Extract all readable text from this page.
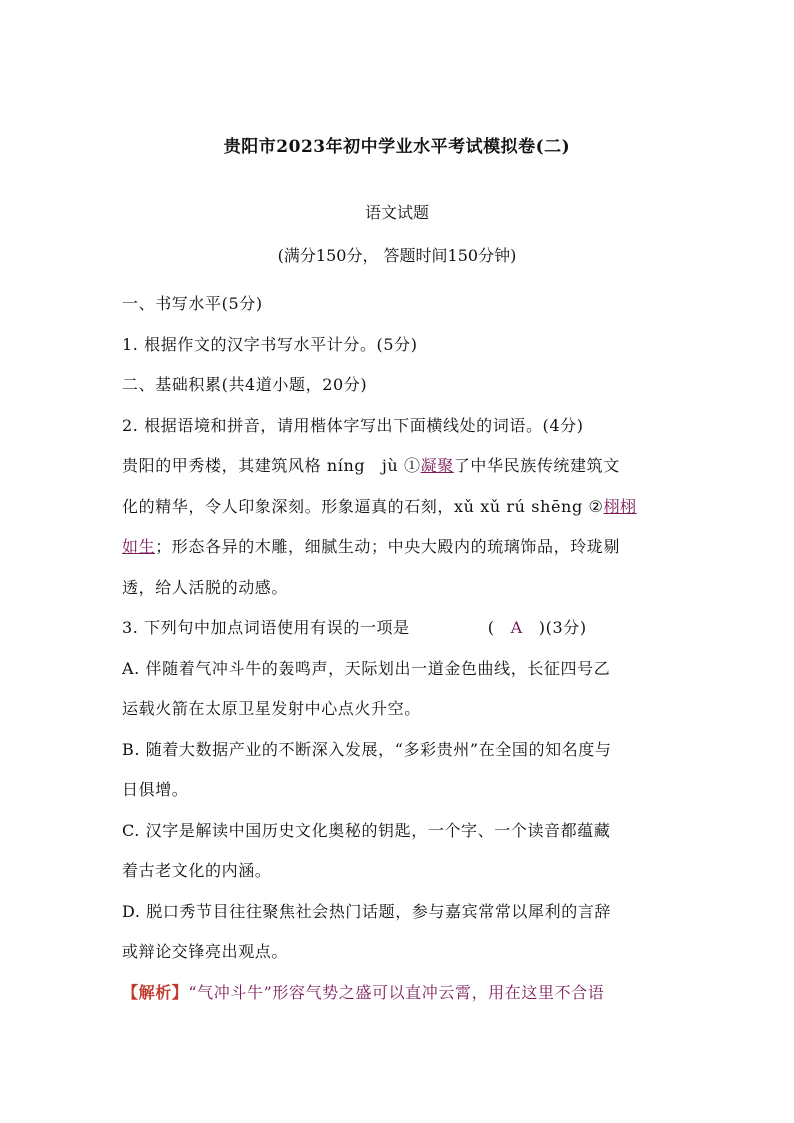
贵阳市2023年初中学业水平考试模拟卷(二)
语文试题
(满分150分， 答题时间150分钟)
一、书写水平(5分)
1. 根据作文的汉字书写水平计分。(5分)
二、基础积累(共4道小题，20分)
2. 根据语境和拼音，请用楷体字写出下面横线处的词语。(4分)
贵阳的甲秀楼，其建筑风格 níng　jù ①凝聚了中华民族传统建筑文
化的精华，令人印象深刻。形象逼真的石刻，xǔ xǔ rú shēng ②栩栩
如生；形态各异的木雕，细腻生动；中央大殿内的琉璃饰品，玲珑剔
透，给人活脱的动感。
3. 下列句中加点词语使用有误的一项是	( A )(3分)
A. 伴随着气冲斗牛的轰鸣声，天际划出一道金色曲线，长征四号乙
运载火箭在太原卫星发射中心点火升空。
B. 随着大数据产业的不断深入发展，“多彩贵州”在全国的知名度与
日俱增。
C. 汉字是解读中国历史文化奥秘的钥匙，一个字、一个读音都蕴藏
着古老文化的内涵。
D. 脱口秀节目往往聚焦社会热门话题，参与嘉宾常常以犀利的言辞
或辩论交锋亮出观点。
【解析】“气冲斗牛”形容气势之盛可以直冲云霄，用在这里不合语
